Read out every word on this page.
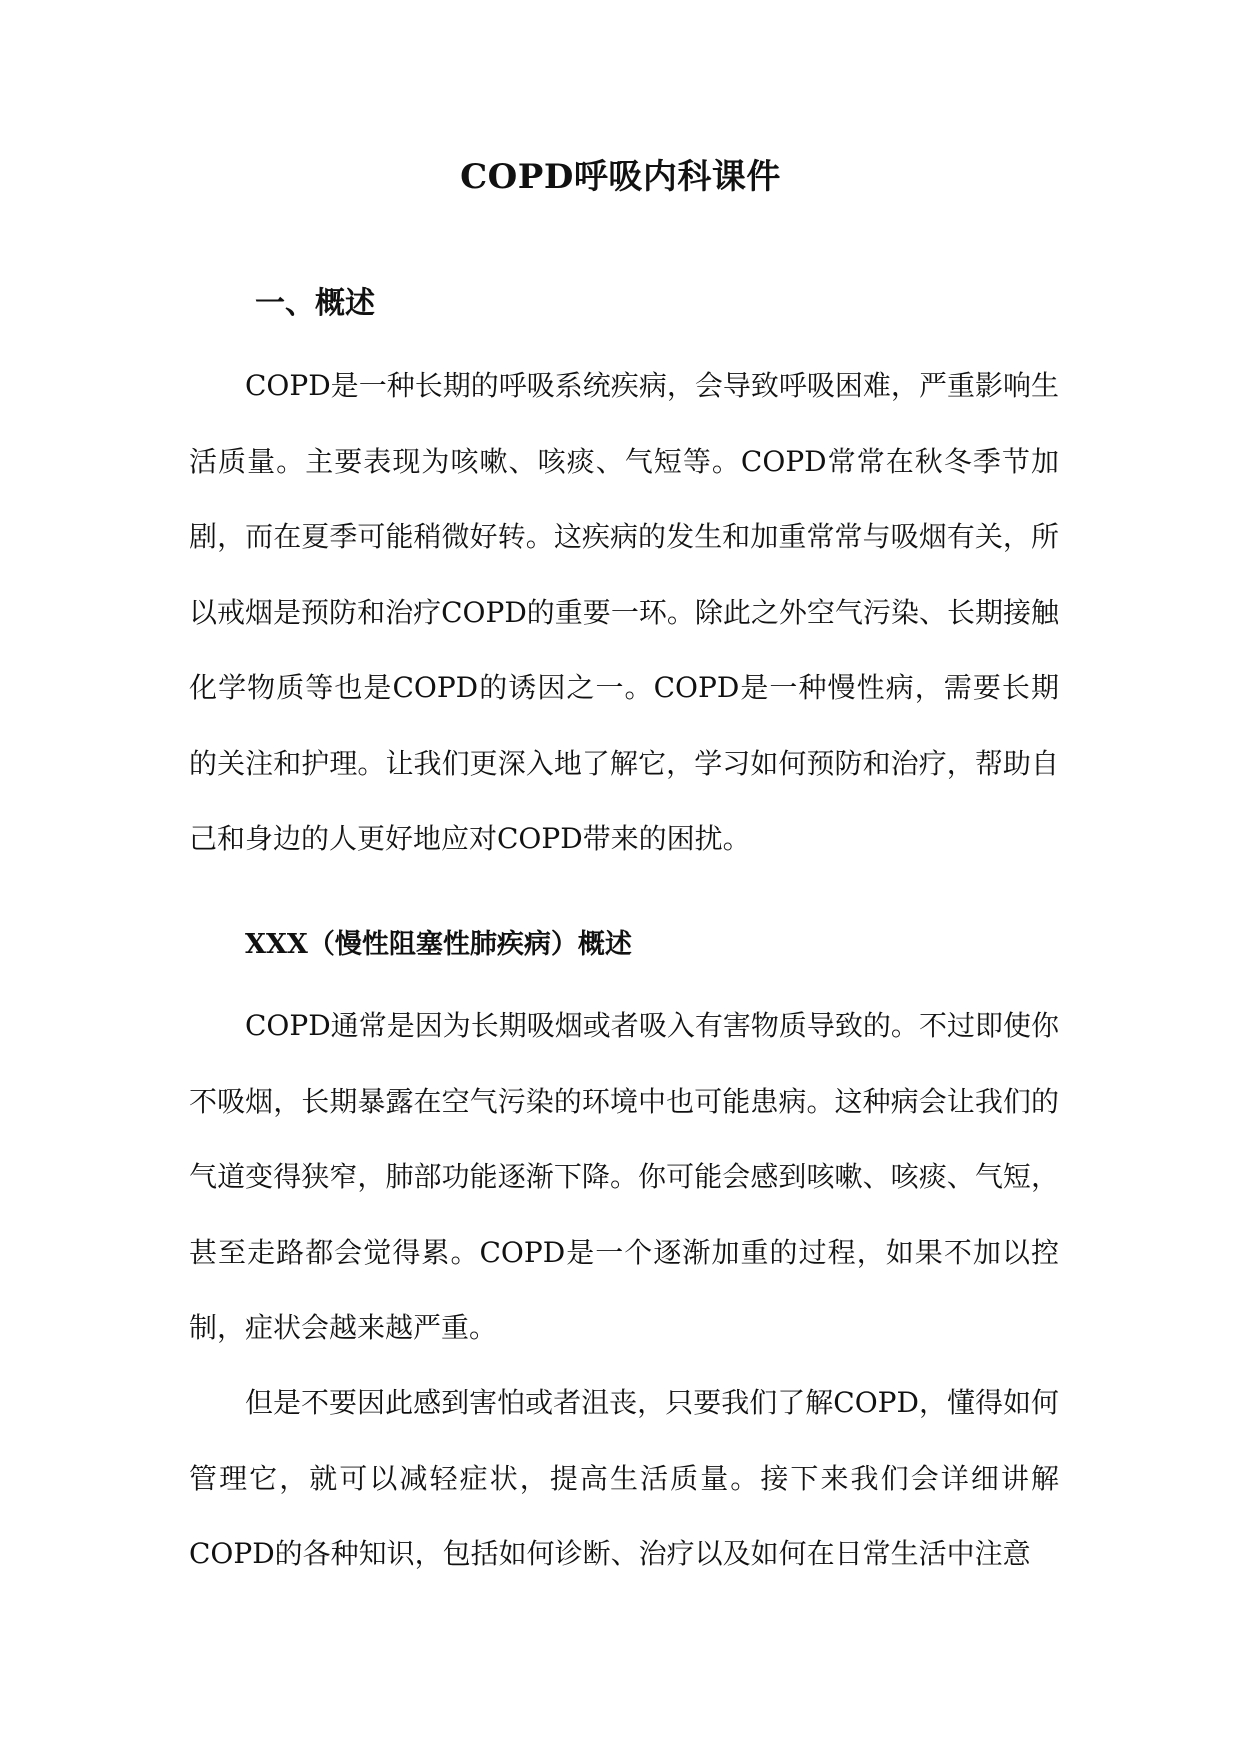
COPD呼吸内科课件
一、概述

COPD是一种长期的呼吸系统疾病，会导致呼吸困难，严重影响生活质量。主要表现为咳嗽、咳痰、气短等。COPD常常在秋冬季节加剧，而在夏季可能稍微好转。这疾病的发生和加重常常与吸烟有关，所以戒烟是预防和治疗COPD的重要一环。除此之外空气污染、长期接触化学物质等也是COPD的诱因之一。COPD是一种慢性病，需要长期的关注和护理。让我们更深入地了解它，学习如何预防和治疗，帮助自己和身边的人更好地应对COPD带来的困扰。

XXX（慢性阻塞性肺疾病）概述

COPD通常是因为长期吸烟或者吸入有害物质导致的。不过即使你不吸烟，长期暴露在空气污染的环境中也可能患病。这种病会让我们的气道变得狭窄，肺部功能逐渐下降。你可能会感到咳嗽、咳痰、气短，甚至走路都会觉得累。COPD是一个逐渐加重的过程，如果不加以控制，症状会越来越严重。

但是不要因此感到害怕或者沮丧，只要我们了解COPD，懂得如何管理它，就可以减轻症状，提高生活质量。接下来我们会详细讲解COPD的各种知识，包括如何诊断、治疗以及如何在日常生活中注意
